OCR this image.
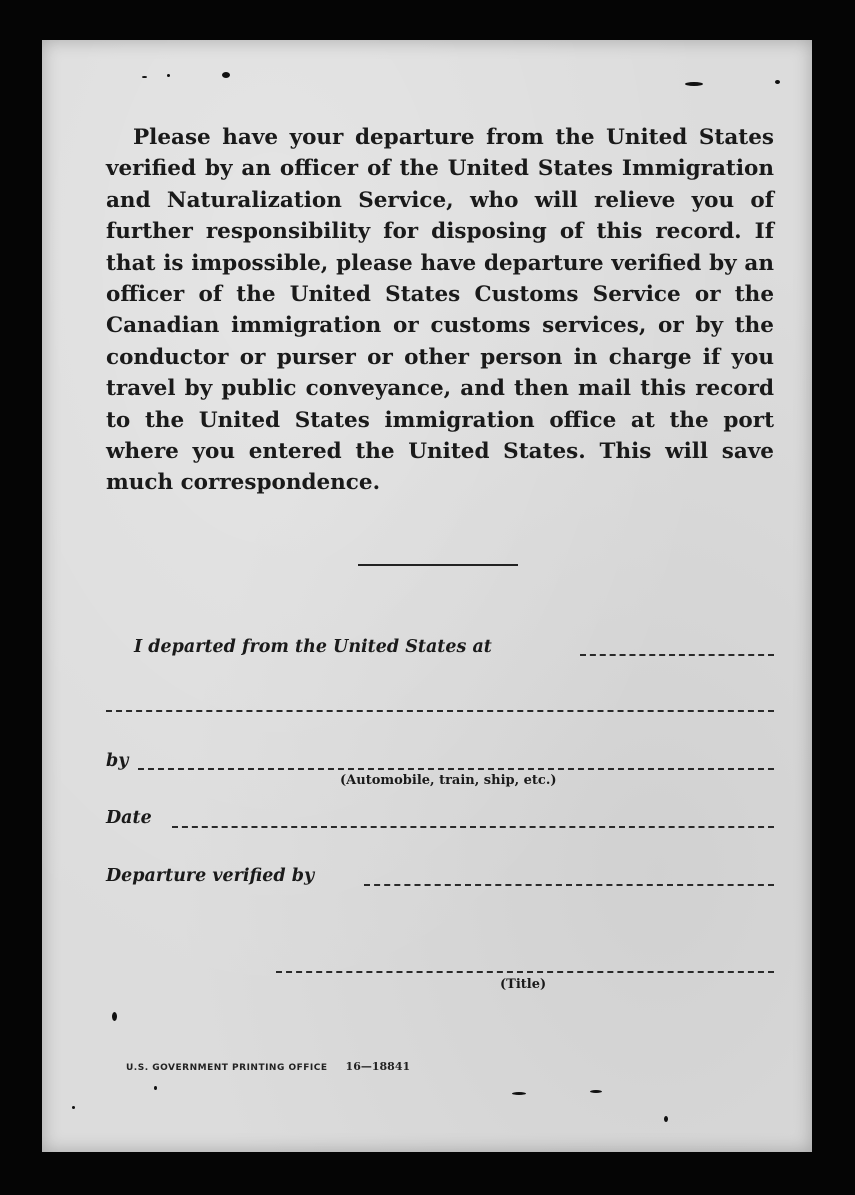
Please have your departure from the United States verified by an officer of the United States Immigration and Naturalization Service, who will relieve you of further responsibility for disposing of this record. If that is impossible, please have departure verified by an officer of the United States Customs Service or the Canadian immigration or customs services, or by the conductor or purser or other person in charge if you travel by public conveyance, and then mail this record to the United States immigration office at the port where you entered the United States. This will save much correspondence.

I departed from the United States at
by
(Automobile, train, ship, etc.)
Date
Departure verified by
(Title)
U.S. GOVERNMENT PRINTING OFFICE 16—18841
